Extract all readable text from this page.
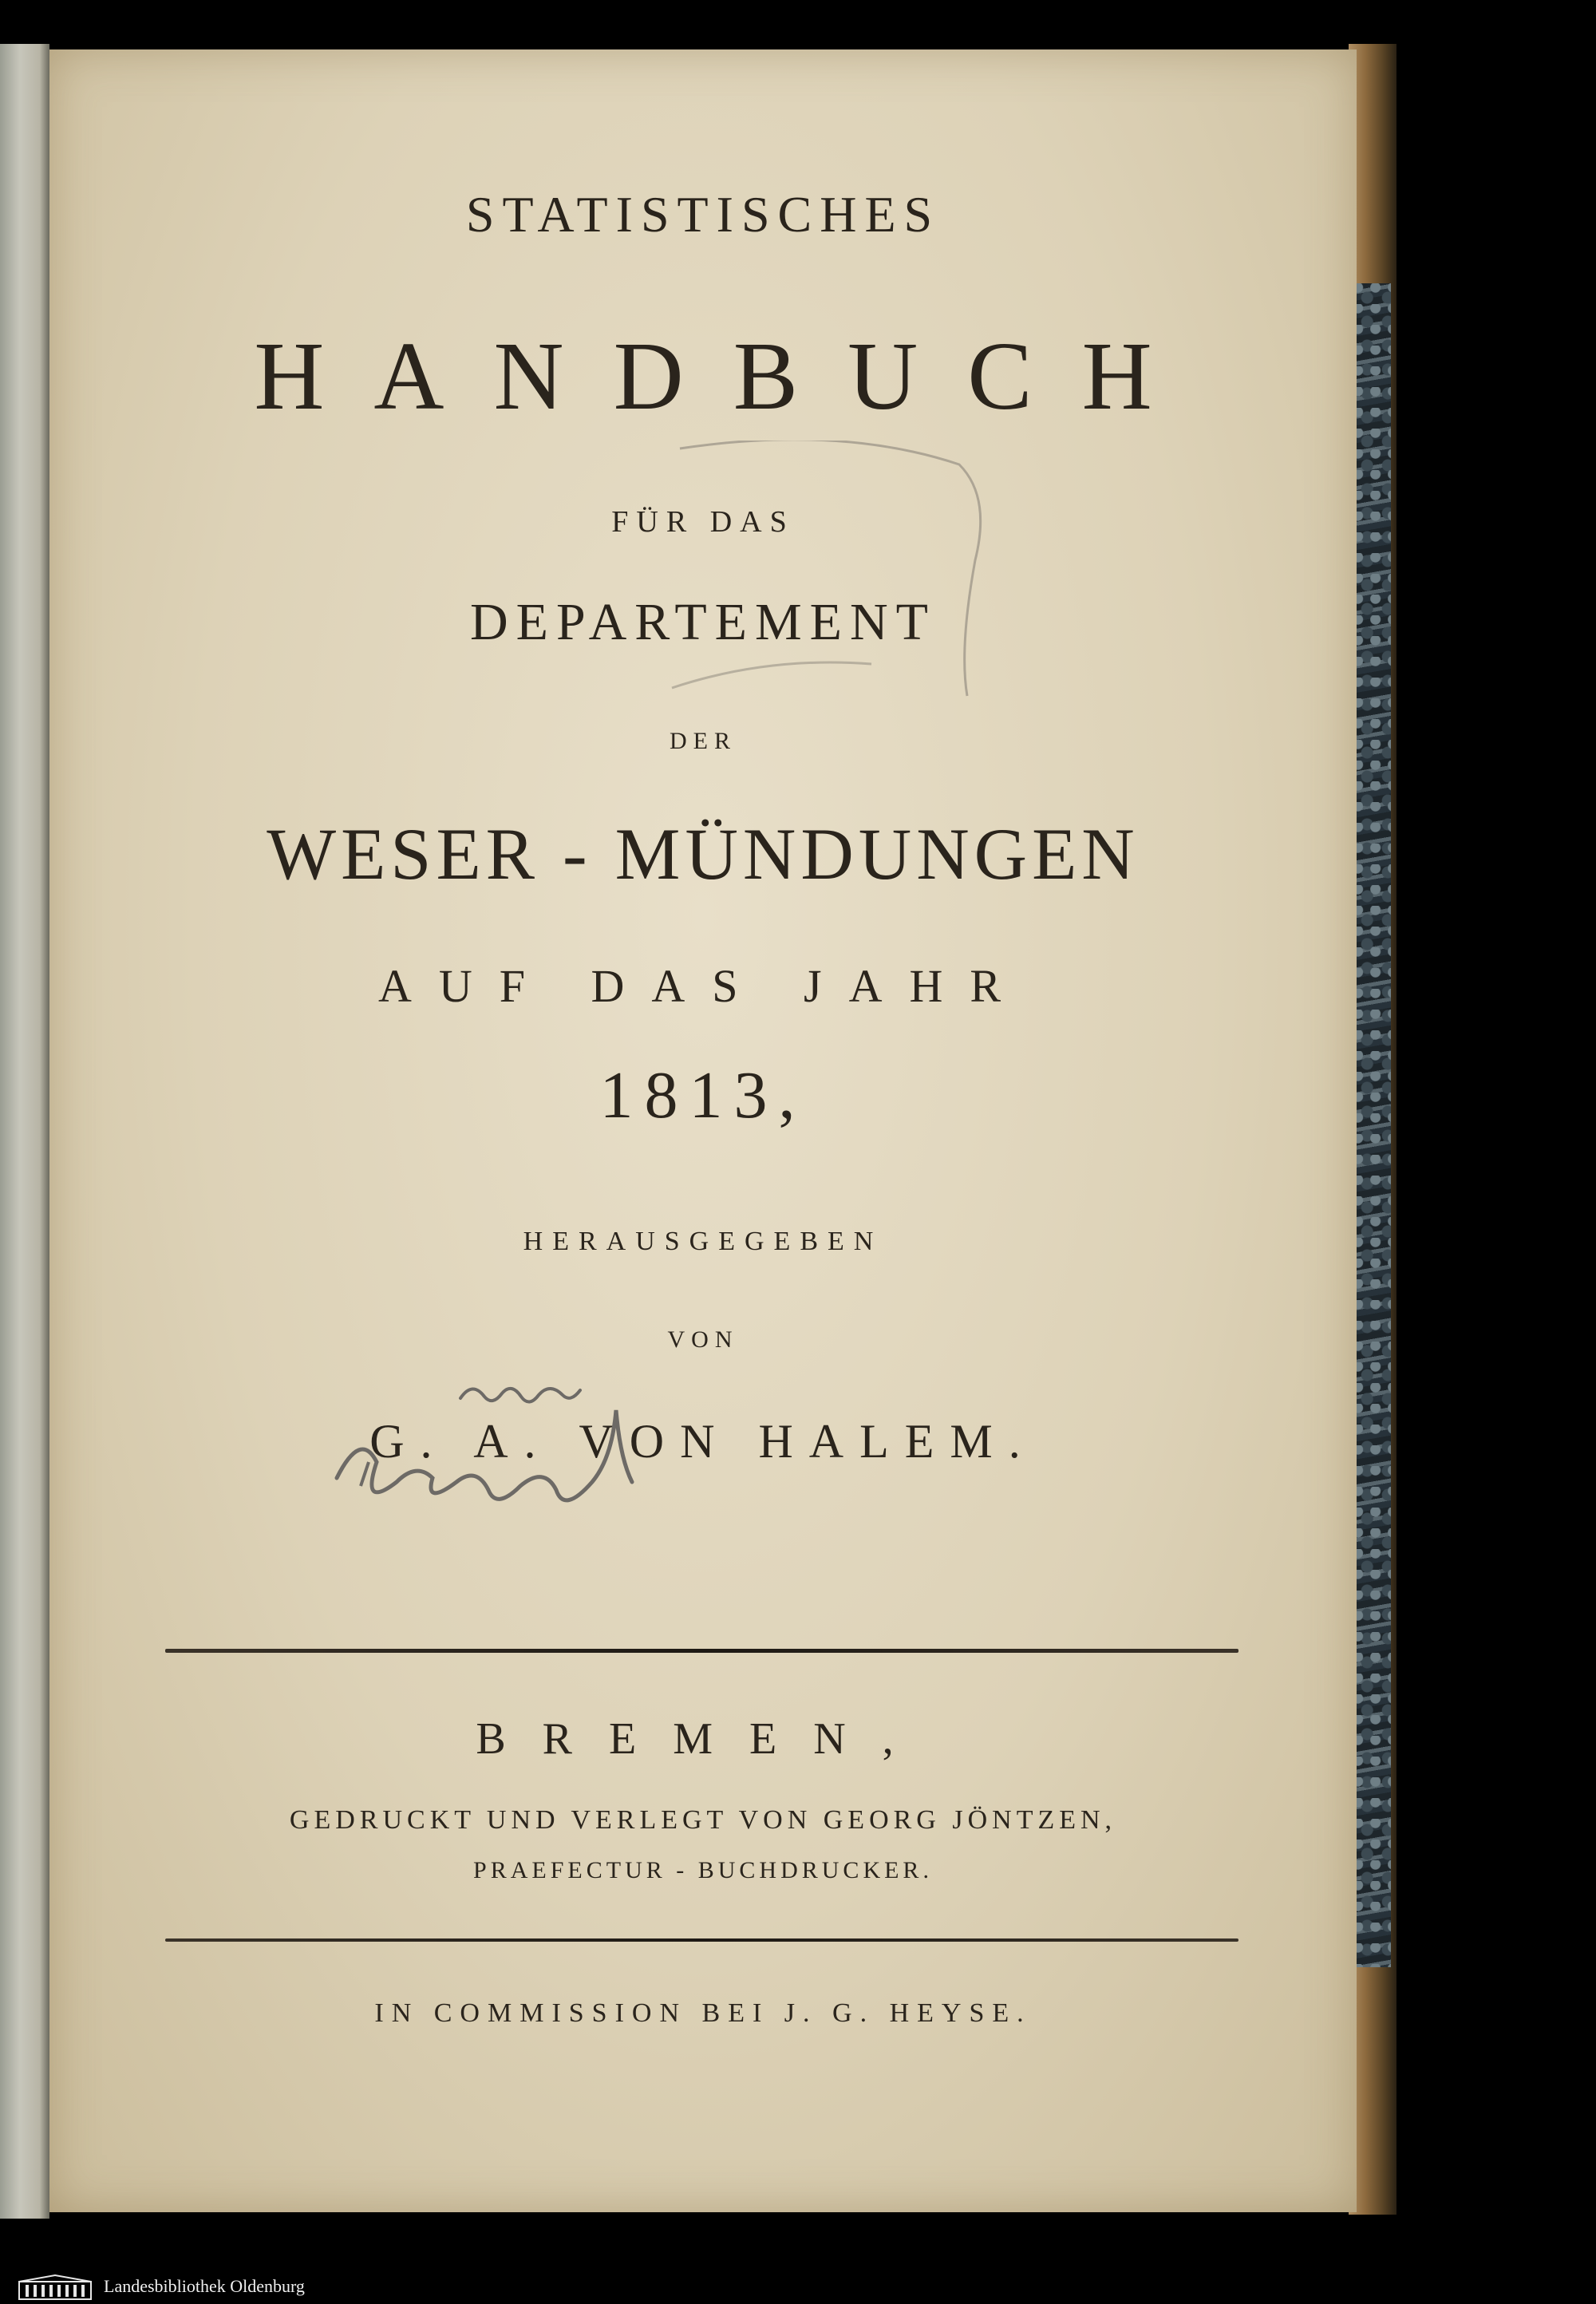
STATISTISCHES
HANDBUCH
FÜR DAS
DEPARTEMENT
DER
WESER - MÜNDUNGEN
AUF DAS JAHR
1813,
HERAUSGEGEBEN
VON
G. A. VON HALEM.
BREMEN,
GEDRUCKT UND VERLEGT VON GEORG JÖNTZEN,
PRAEFECTUR - BUCHDRUCKER.
IN COMMISSION BEI J. G. HEYSE.
Landesbibliothek Oldenburg
